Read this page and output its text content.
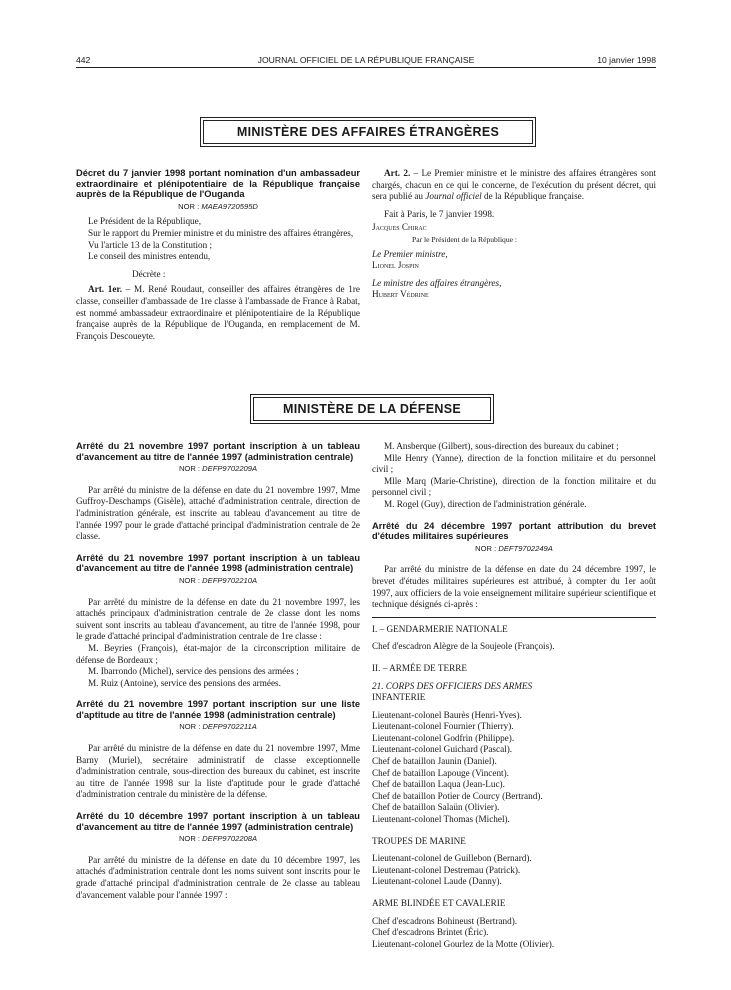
442	JOURNAL OFFICIEL DE LA RÉPUBLIQUE FRANÇAISE	10 janvier 1998
MINISTÈRE DES AFFAIRES ÉTRANGÈRES

Décret du 7 janvier 1998 portant nomination d'un ambassadeur extraordinaire et plénipotentiaire de la République française auprès de la République de l'Ouganda

NOR : MAEA9720595D

Le Président de la République,

Sur le rapport du Premier ministre et du ministre des affaires étrangères,

Vu l'article 13 de la Constitution ;

Le conseil des ministres entendu,

Décrète :

Art. 1er. – M. René Roudaut, conseiller des affaires étrangères de 1re classe, conseiller d'ambassade de 1re classe à l'ambassade de France à Rabat, est nommé ambassadeur extraordinaire et plénipotentiaire de la République française auprès de la République de l'Ouganda, en remplacement de M. François Descoueyte.

Art. 2. – Le Premier ministre et le ministre des affaires étrangères sont chargés, chacun en ce qui le concerne, de l'exécution du présent décret, qui sera publié au Journal officiel de la République française.

Fait à Paris, le 7 janvier 1998.

Jacques Chirac

Par le Président de la République :

Le Premier ministre,

Lionel Jospin

Le ministre des affaires étrangères,

Hubert Védrine

MINISTÈRE DE LA DÉFENSE

Arrêté du 21 novembre 1997 portant inscription à un tableau d'avancement au titre de l'année 1997 (administration centrale)

NOR : DEFP9702209A

Par arrêté du ministre de la défense en date du 21 novembre 1997, Mme Guffroy-Deschamps (Gisèle), attaché d'administration centrale, direction de l'administration générale, est inscrite au tableau d'avancement au titre de l'année 1997 pour le grade d'attaché principal d'administration centrale de 2e classe.

Arrêté du 21 novembre 1997 portant inscription à un tableau d'avancement au titre de l'année 1998 (administration centrale)

NOR : DEFP9702210A

Par arrêté du ministre de la défense en date du 21 novembre 1997, les attachés principaux d'administration centrale de 2e classe dont les noms suivent sont inscrits au tableau d'avancement, au titre de l'année 1998, pour le grade d'attaché principal d'administration centrale de 1re classe :

M. Beyries (François), état-major de la circonscription militaire de défense de Bordeaux ;

M. Ibarrondo (Michel), service des pensions des armées ;

M. Ruiz (Antoine), service des pensions des armées.

Arrêté du 21 novembre 1997 portant inscription sur une liste d'aptitude au titre de l'année 1998 (administration centrale)

NOR : DEFP9702211A

Par arrêté du ministre de la défense en date du 21 novembre 1997, Mme Barny (Muriel), secrétaire administratif de classe exceptionnelle d'administration centrale, sous-direction des bureaux du cabinet, est inscrite au titre de l'année 1998 sur la liste d'aptitude pour le grade d'attaché d'administration centrale du ministère de la défense.

Arrêté du 10 décembre 1997 portant inscription à un tableau d'avancement au titre de l'année 1997 (administration centrale)

NOR : DEFP9702208A

Par arrêté du ministre de la défense en date du 10 décembre 1997, les attachés d'administration centrale dont les noms suivent sont inscrits pour le grade d'attaché principal d'administration centrale de 2e classe au tableau d'avancement valable pour l'année 1997 :

M. Ansberque (Gilbert), sous-direction des bureaux du cabinet ;

Mlle Henry (Yanne), direction de la fonction militaire et du personnel civil ;

Mlle Marq (Marie-Christine), direction de la fonction militaire et du personnel civil ;

M. Rogel (Guy), direction de l'administration générale.

Arrêté du 24 décembre 1997 portant attribution du brevet d'études militaires supérieures

NOR : DEFT9702249A

Par arrêté du ministre de la défense en date du 24 décembre 1997, le brevet d'études militaires supérieures est attribué, à compter du 1er août 1997, aux officiers de la voie enseignement militaire supérieur scientifique et technique désignés ci-après :

I. – GENDARMERIE NATIONALE

Chef d'escadron Alègre de la Soujeole (François).

II. – ARMÉE DE TERRE

21. CORPS DES OFFICIERS DES ARMES

INFANTERIE

Lieutenant-colonel Baurès (Henri-Yves).

Lieutenant-colonel Fournier (Thierry).

Lieutenant-colonel Godfrin (Philippe).

Lieutenant-colonel Guichard (Pascal).

Chef de bataillon Jaunin (Daniel).

Chef de bataillon Lapouge (Vincent).

Chef de bataillon Laqua (Jean-Luc).

Chef de bataillon Potier de Courcy (Bertrand).

Chef de bataillon Salaün (Olivier).

Lieutenant-colonel Thomas (Michel).

TROUPES DE MARINE

Lieutenant-colonel de Guillebon (Bernard).

Lieutenant-colonel Destremau (Patrick).

Lieutenant-colonel Laude (Danny).

ARME BLINDÉE ET CAVALERIE

Chef d'escadrons Bohineust (Bertrand).

Chef d'escadrons Brintet (Éric).

Lieutenant-colonel Gourlez de la Motte (Olivier).
